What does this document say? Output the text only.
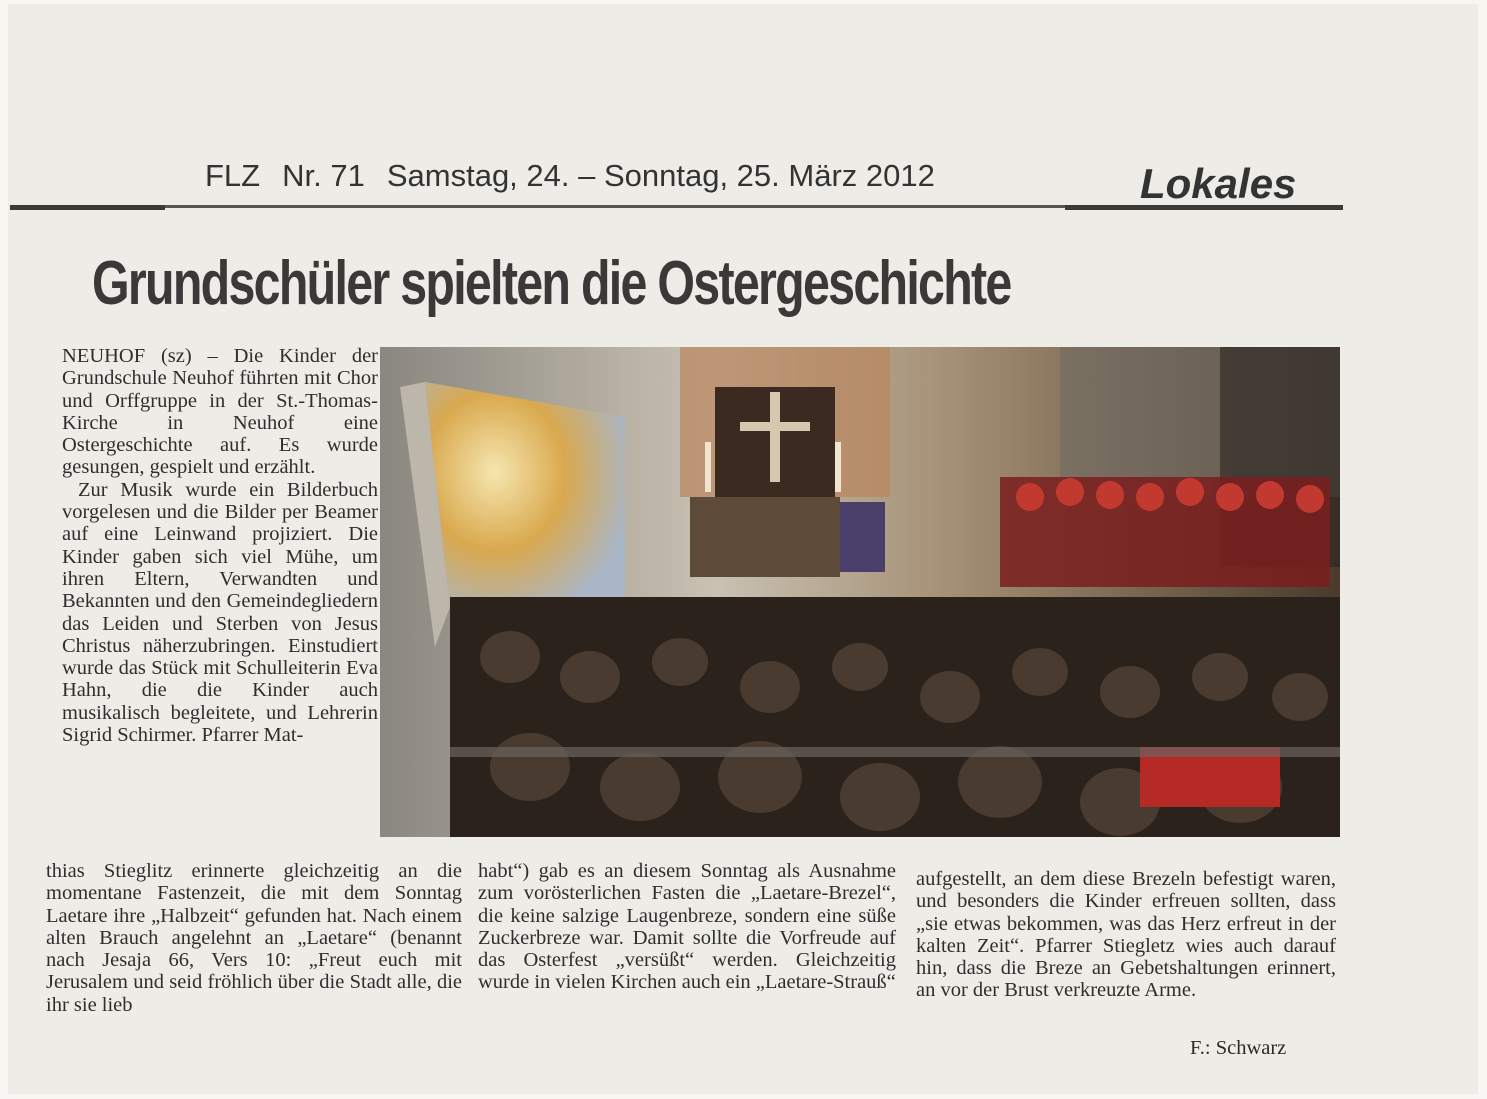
FLZ Nr. 71 Samstag, 24. – Sonntag, 25. März 2012	Lokales
Grundschüler spielten die Ostergeschichte

NEUHOF (sz) – Die Kinder der Grundschule Neuhof führten mit Chor und Orffgruppe in der St.-Thomas-Kirche in Neuhof eine Ostergeschichte auf. Es wurde gesungen, gespielt und erzählt.

Zur Musik wurde ein Bilderbuch vorgelesen und die Bilder per Beamer auf eine Leinwand projiziert. Die Kinder gaben sich viel Mühe, um ihren Eltern, Verwandten und Bekannten und den Gemeindegliedern das Leiden und Sterben von Jesus Christus näherzubringen. Einstudiert wurde das Stück mit Schulleiterin Eva Hahn, die die Kinder auch musikalisch begleitete, und Lehrerin Sigrid Schirmer. Pfarrer Mat-

thias Stieglitz erinnerte gleichzeitig an die momentane Fastenzeit, die mit dem Sonntag Laetare ihre „Halbzeit“ gefunden hat. Nach einem alten Brauch angelehnt an „Laetare“ (benannt nach Jesaja 66, Vers 10: „Freut euch mit Jerusalem und seid fröhlich über die Stadt alle, die ihr sie lieb
habt“) gab es an diesem Sonntag als Ausnahme zum vorösterlichen Fasten die „Laetare-Brezel“, die keine salzige Laugenbreze, sondern eine süße Zuckerbreze war. Damit sollte die Vorfreude auf das Osterfest „versüßt“ werden. Gleichzeitig wurde in vielen Kirchen auch ein „Laetare-Strauß“
aufgestellt, an dem diese Brezeln befestigt waren, und besonders die Kinder erfreuen sollten, dass „sie etwas bekommen, was das Herz erfreut in der kalten Zeit“. Pfarrer Stiegletz wies auch darauf hin, dass die Breze an Gebetshaltungen erinnert, an vor der Brust verkreuzte Arme.
F.: Schwarz
